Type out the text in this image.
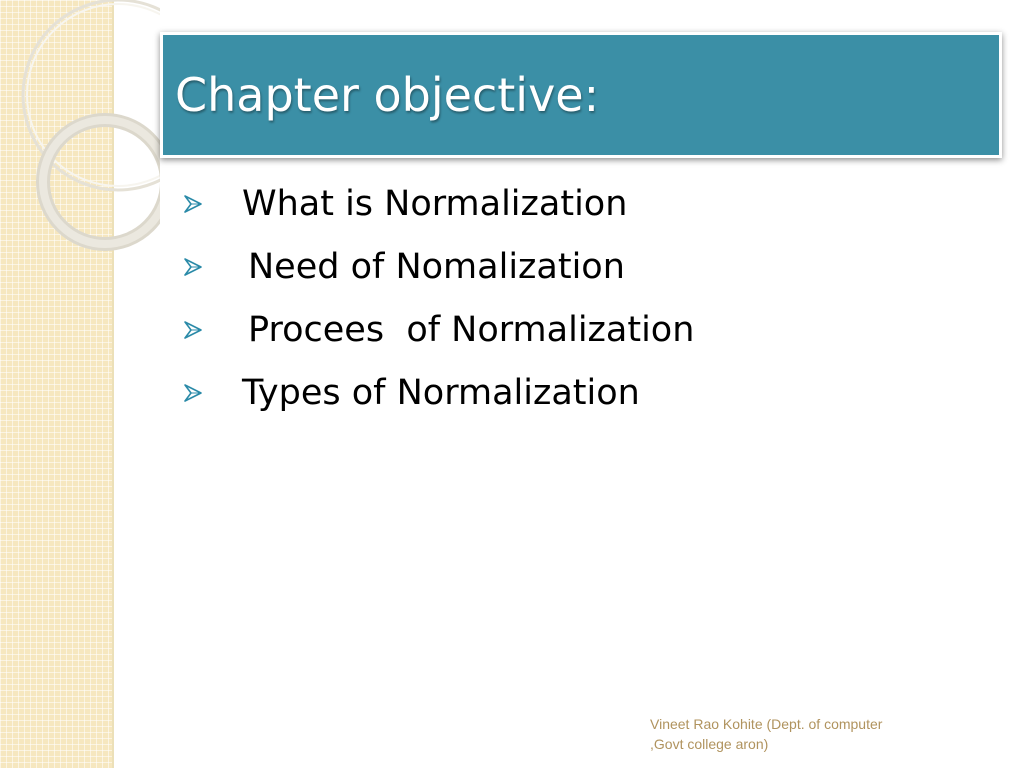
Chapter objective:
What is Normalization
Need of Nomalization
Procees  of Normalization
Types of Normalization
Vineet Rao Kohite (Dept. of computer
,Govt college aron)
